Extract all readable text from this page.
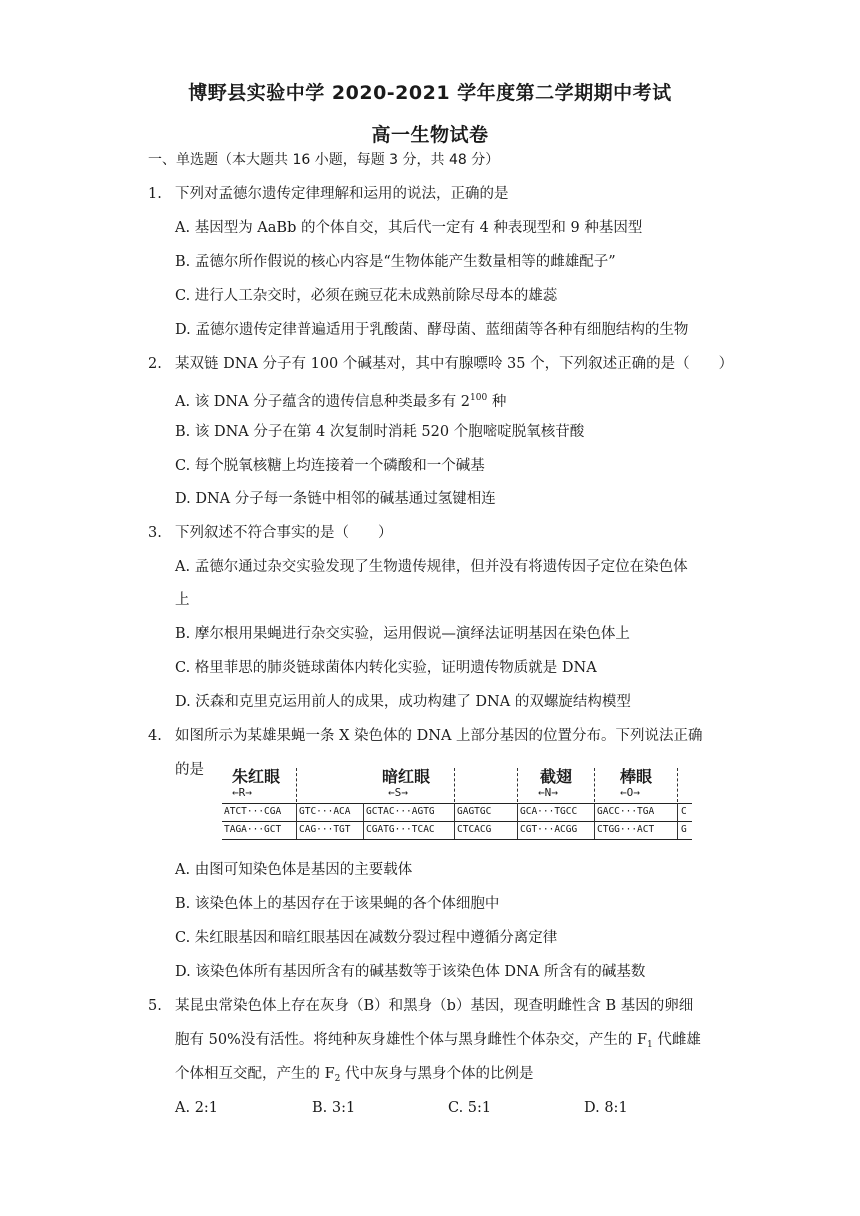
博野县实验中学 2020-2021 学年度第二学期期中考试
高一生物试卷
一、单选题（本大题共 16 小题，每题 3 分，共 48 分）
1. 下列对孟德尔遗传定律理解和运用的说法，正确的是
A. 基因型为 AaBb 的个体自交，其后代一定有 4 种表现型和 9 种基因型
B. 孟德尔所作假说的核心内容是“生物体能产生数量相等的雌雄配子”
C. 进行人工杂交时，必须在豌豆花未成熟前除尽母本的雄蕊
D. 孟德尔遗传定律普遍适用于乳酸菌、酵母菌、蓝细菌等各种有细胞结构的生物
2. 某双链 DNA 分子有 100 个碱基对，其中有腺嘌呤 35 个，下列叙述正确的是（　　）
A. 该 DNA 分子蕴含的遗传信息种类最多有 $2^{100}$ 种
B. 该 DNA 分子在第 4 次复制时消耗 520 个胞嘧啶脱氧核苷酸
C. 每个脱氧核糖上均连接着一个磷酸和一个碱基
D. DNA 分子每一条链中相邻的碱基通过氢键相连
3. 下列叙述不符合事实的是（　　）
A. 孟德尔通过杂交实验发现了生物遗传规律，但并没有将遗传因子定位在染色体
上
B. 摩尔根用果蝇进行杂交实验，运用假说—演绎法证明基因在染色体上
C. 格里菲思的肺炎链球菌体内转化实验，证明遗传物质就是 DNA
D. 沃森和克里克运用前人的成果，成功构建了 DNA 的双螺旋结构模型
4. 如图所示为某雄果蝇一条 X 染色体的 DNA 上部分基因的位置分布。下列说法正确
的是 朱红眼
←R→
暗红眼
←S→
截翅
←N→
棒眼
←O→
ATCT···CGA GTC···ACA GCTAC···AGTG GAGTGC	GCA···TGCC GACC···TGA	C
TAGA···GCT CAG···TGT CGATG···TCAC CTCACG	CGT···ACGG CTGG···ACT	G
A. 由图可知染色体是基因的主要载体
B. 该染色体上的基因存在于该果蝇的各个体细胞中
C. 朱红眼基因和暗红眼基因在减数分裂过程中遵循分离定律
D. 该染色体所有基因所含有的碱基数等于该染色体 DNA 所含有的碱基数
5. 某昆虫常染色体上存在灰身（B）和黑身（b）基因，现查明雌性含 B 基因的卵细
胞有 50%没有活性。将纯种灰身雄性个体与黑身雌性个体杂交，产生的 $F_1$ 代雌雄
个体相互交配，产生的 $F_2$ 代中灰身与黑身个体的比例是
A. 2:1	B. 3:1	C. 5:1	D. 8:1
